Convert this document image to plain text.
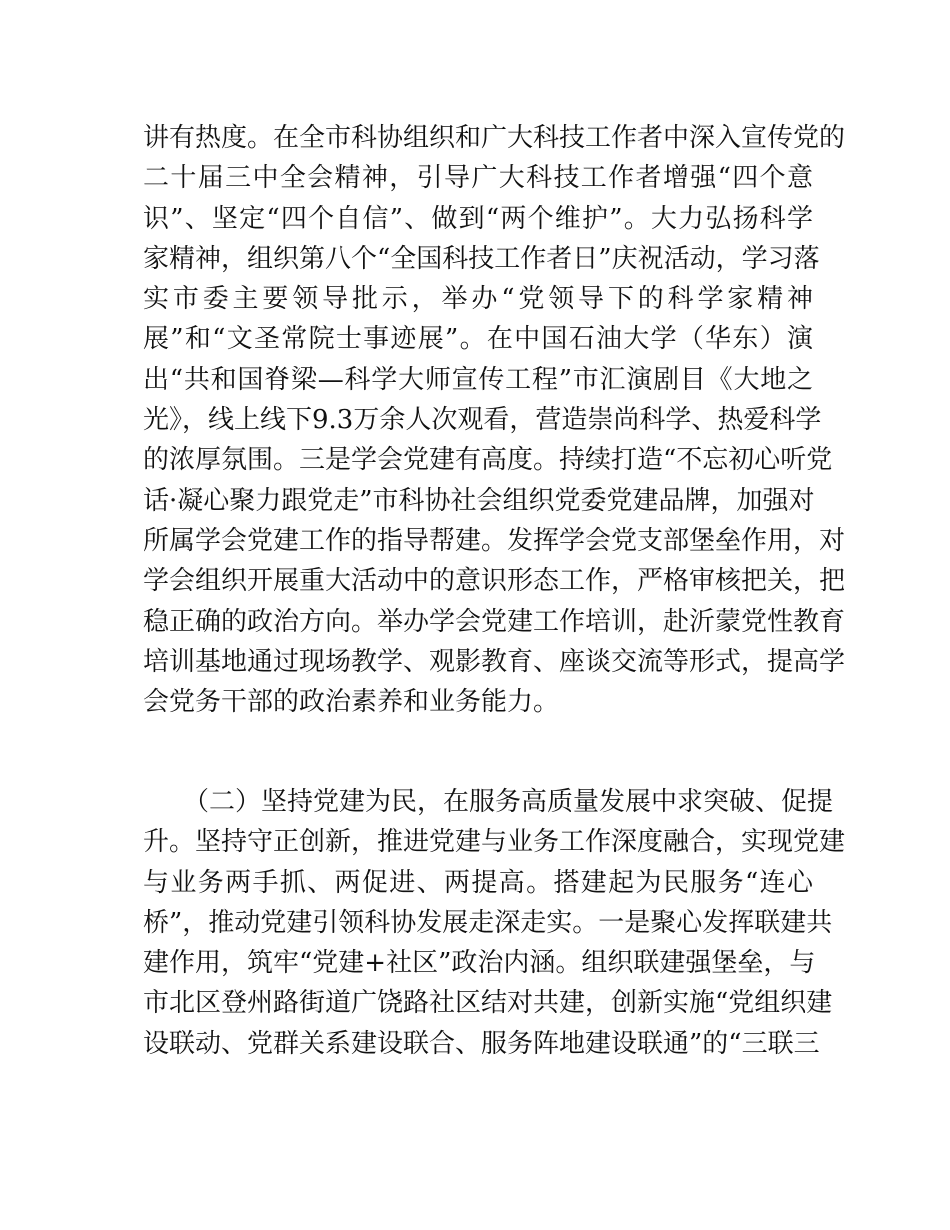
讲有热度。在全市科协组织和广大科技工作者中深入宣传党的
二十届三中全会精神，引导广大科技工作者增强“四个意
识”、坚定“四个自信”、做到“两个维护”。大力弘扬科学
家精神，组织第八个“全国科技工作者日”庆祝活动，学习落
实市委主要领导批示，举办“党领导下的科学家精神
展”和“文圣常院士事迹展”。在中国石油大学（华东）演
出“共和国脊梁—科学大师宣传工程”市汇演剧目《大地之
光》，线上线下9.3万余人次观看，营造崇尚科学、热爱科学
的浓厚氛围。三是学会党建有高度。持续打造“不忘初心听党
话·凝心聚力跟党走”市科协社会组织党委党建品牌，加强对
所属学会党建工作的指导帮建。发挥学会党支部堡垒作用，对
学会组织开展重大活动中的意识形态工作，严格审核把关，把
稳正确的政治方向。举办学会党建工作培训，赴沂蒙党性教育
培训基地通过现场教学、观影教育、座谈交流等形式，提高学
会党务干部的政治素养和业务能力。
（二）坚持党建为民，在服务高质量发展中求突破、促提
升。坚持守正创新，推进党建与业务工作深度融合，实现党建
与业务两手抓、两促进、两提高。搭建起为民服务“连心
桥”，推动党建引领科协发展走深走实。一是聚心发挥联建共
建作用，筑牢“党建+社区”政治内涵。组织联建强堡垒，与
市北区登州路街道广饶路社区结对共建，创新实施“党组织建
设联动、党群关系建设联合、服务阵地建设联通”的“三联三
